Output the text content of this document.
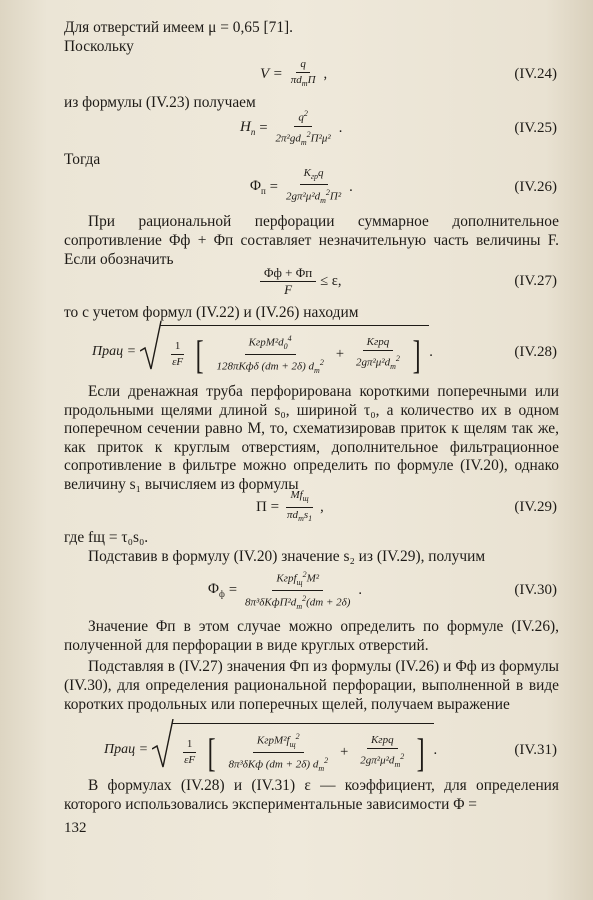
Для отверстий имеем μ = 0,65 [71].
Поскольку
$V = \frac{q}{\pi d_тП}$ ,	(IV.24)
из формулы (IV.23) получаем
$H_п = \frac{q^2}{2\pi^2gd_т^2П^2\mu^2}$ .	(IV.25)
Тогда
$\Phi_п = \frac{K_{гр}q}{2g\pi^2\mu^2d_т^2П^2}$ .	(IV.26)

При рациональной перфорации суммарное дополнительное сопротивление Φф + Φп составляет незначительную часть величины F. Если обозначить

$\frac{\Phi ф + \Phi п}{F} \le \varepsilon$,	(IV.27)
то с учетом формул (IV.22) и (IV.26) находим
Пpац =	$\frac{1}{\varepsilon F}$ [ $\frac{KгрM^2d_0^4}{128\pi Kф\delta (dт + 2\delta) d_т^2} + \frac{\text{Kгрq}}{2g\pi^2\mu^2d_т^2}$ ] .	(IV.28)

Если дренажная труба перфорирована короткими поперечными или продольными щелями длиной s₀, шириной τ₀, а количество их в одном поперечном сечении равно M, то, схематизировав приток к щелям так же, как приток к круглым отверстиям, дополнительное фильтрационное сопротивление в фильтре можно определить по формуле (IV.20), однако величину s₁ вычисляем из формулы

$П = \frac{Mf_щ}{\pi d_тs_1}$ ,	(IV.29)
где fщ = τ₀s₀.
Подставив в формулу (IV.20) значение s₂ из (IV.29), получим
$\Phi_ф = \frac{Kгрf_щ^2M^2}{8\pi^3\delta KфП^2d_т^2(dт + 2\delta)}$ .	(IV.30)

Значение Φп в этом случае можно определить по формуле (IV.26), полученной для перфорации в виде круглых отверстий.

Подставляя в (IV.27) значения Φп из формулы (IV.26) и Φф из формулы (IV.30), для определения рациональной перфорации, выполненной в виде коротких продольных или поперечных щелей, получаем выражение

Пpац =	$\frac{1}{\varepsilon F}$ [ $\frac{KгрM^2f_щ^2}{8\pi^3\delta Kф (dт + 2\delta) d_т^2} + \frac{\text{Kгрq}}{2g\pi^2\mu^2d_т^2}$ ] .	(IV.31)

В формулах (IV.28) и (IV.31) ε — коэффициент, для определения которого использовались экспериментальные зависимости Φ =

132
